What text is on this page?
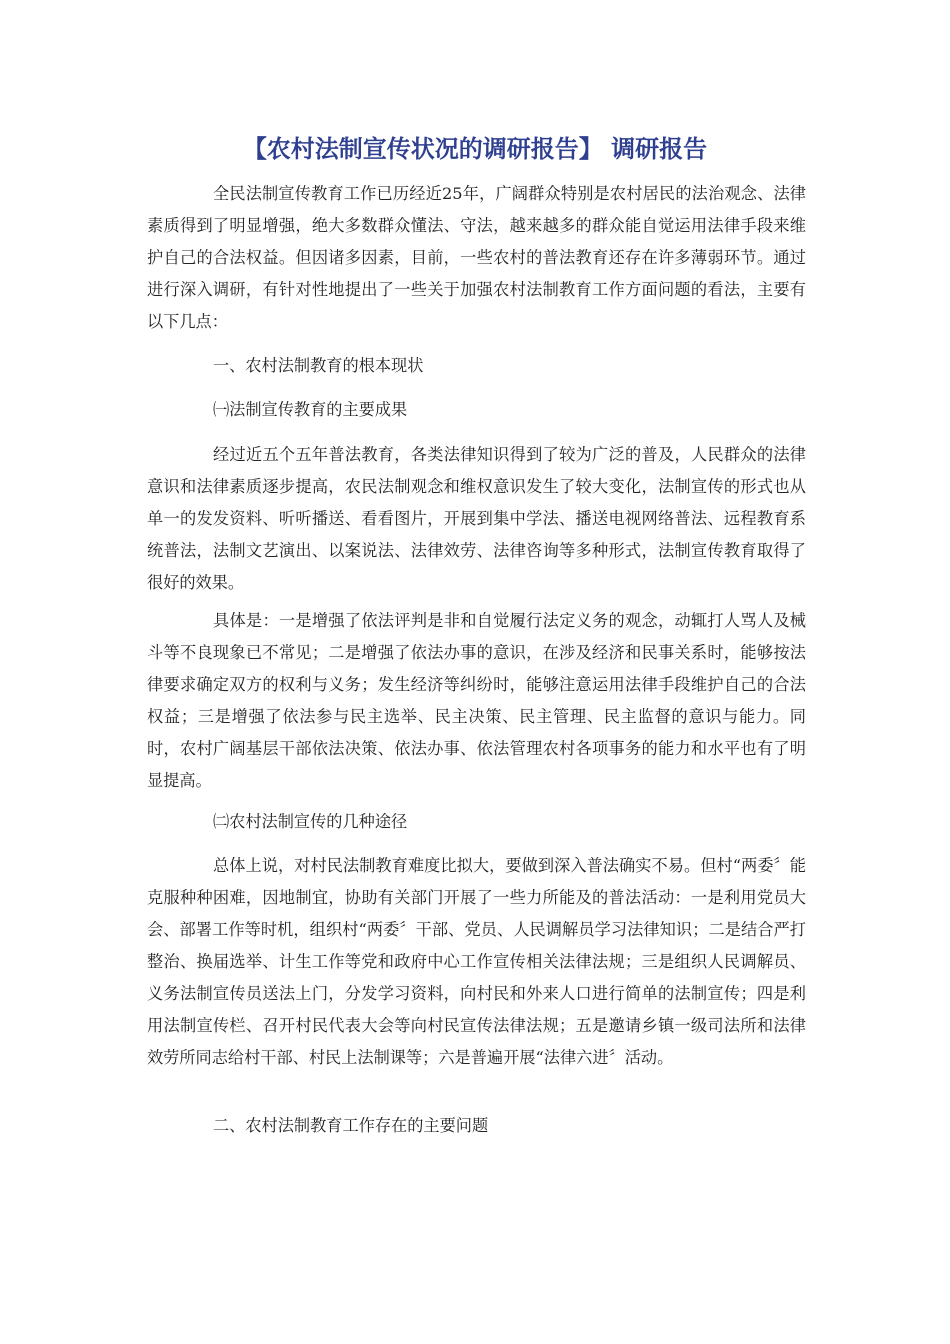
【农村法制宣传状况的调研报告】 调研报告

全民法制宣传教育工作已历经近25年，广阔群众特别是农村居民的法治观念、法律素质得到了明显增强，绝大多数群众懂法、守法，越来越多的群众能自觉运用法律手段来维护自己的合法权益。但因诸多因素，目前，一些农村的普法教育还存在许多薄弱环节。通过进行深入调研，有针对性地提出了一些关于加强农村法制教育工作方面问题的看法，主要有以下几点：

一、农村法制教育的根本现状

㈠法制宣传教育的主要成果

经过近五个五年普法教育，各类法律知识得到了较为广泛的普及，人民群众的法律意识和法律素质逐步提高，农民法制观念和维权意识发生了较大变化，法制宣传的形式也从单一的发发资料、听听播送、看看图片，开展到集中学法、播送电视网络普法、远程教育系统普法，法制文艺演出、以案说法、法律效劳、法律咨询等多种形式，法制宣传教育取得了很好的效果。

具体是：一是增强了依法评判是非和自觉履行法定义务的观念，动辄打人骂人及械斗等不良现象已不常见；二是增强了依法办事的意识，在涉及经济和民事关系时，能够按法律要求确定双方的权利与义务；发生经济等纠纷时，能够注意运用法律手段维护自己的合法权益；三是增强了依法参与民主选举、民主决策、民主管理、民主监督的意识与能力。同时，农村广阔基层干部依法决策、依法办事、依法管理农村各项事务的能力和水平也有了明显提高。

㈡农村法制宣传的几种途径

总体上说，对村民法制教育难度比拟大，要做到深入普法确实不易。但村“两委〞能克服种种困难，因地制宜，协助有关部门开展了一些力所能及的普法活动：一是利用党员大会、部署工作等时机，组织村“两委〞干部、党员、人民调解员学习法律知识；二是结合严打整治、换届选举、计生工作等党和政府中心工作宣传相关法律法规；三是组织人民调解员、义务法制宣传员送法上门，分发学习资料，向村民和外来人口进行简单的法制宣传；四是利用法制宣传栏、召开村民代表大会等向村民宣传法律法规；五是邀请乡镇一级司法所和法律效劳所同志给村干部、村民上法制课等；六是普遍开展“法律六进〞活动。

二、农村法制教育工作存在的主要问题
